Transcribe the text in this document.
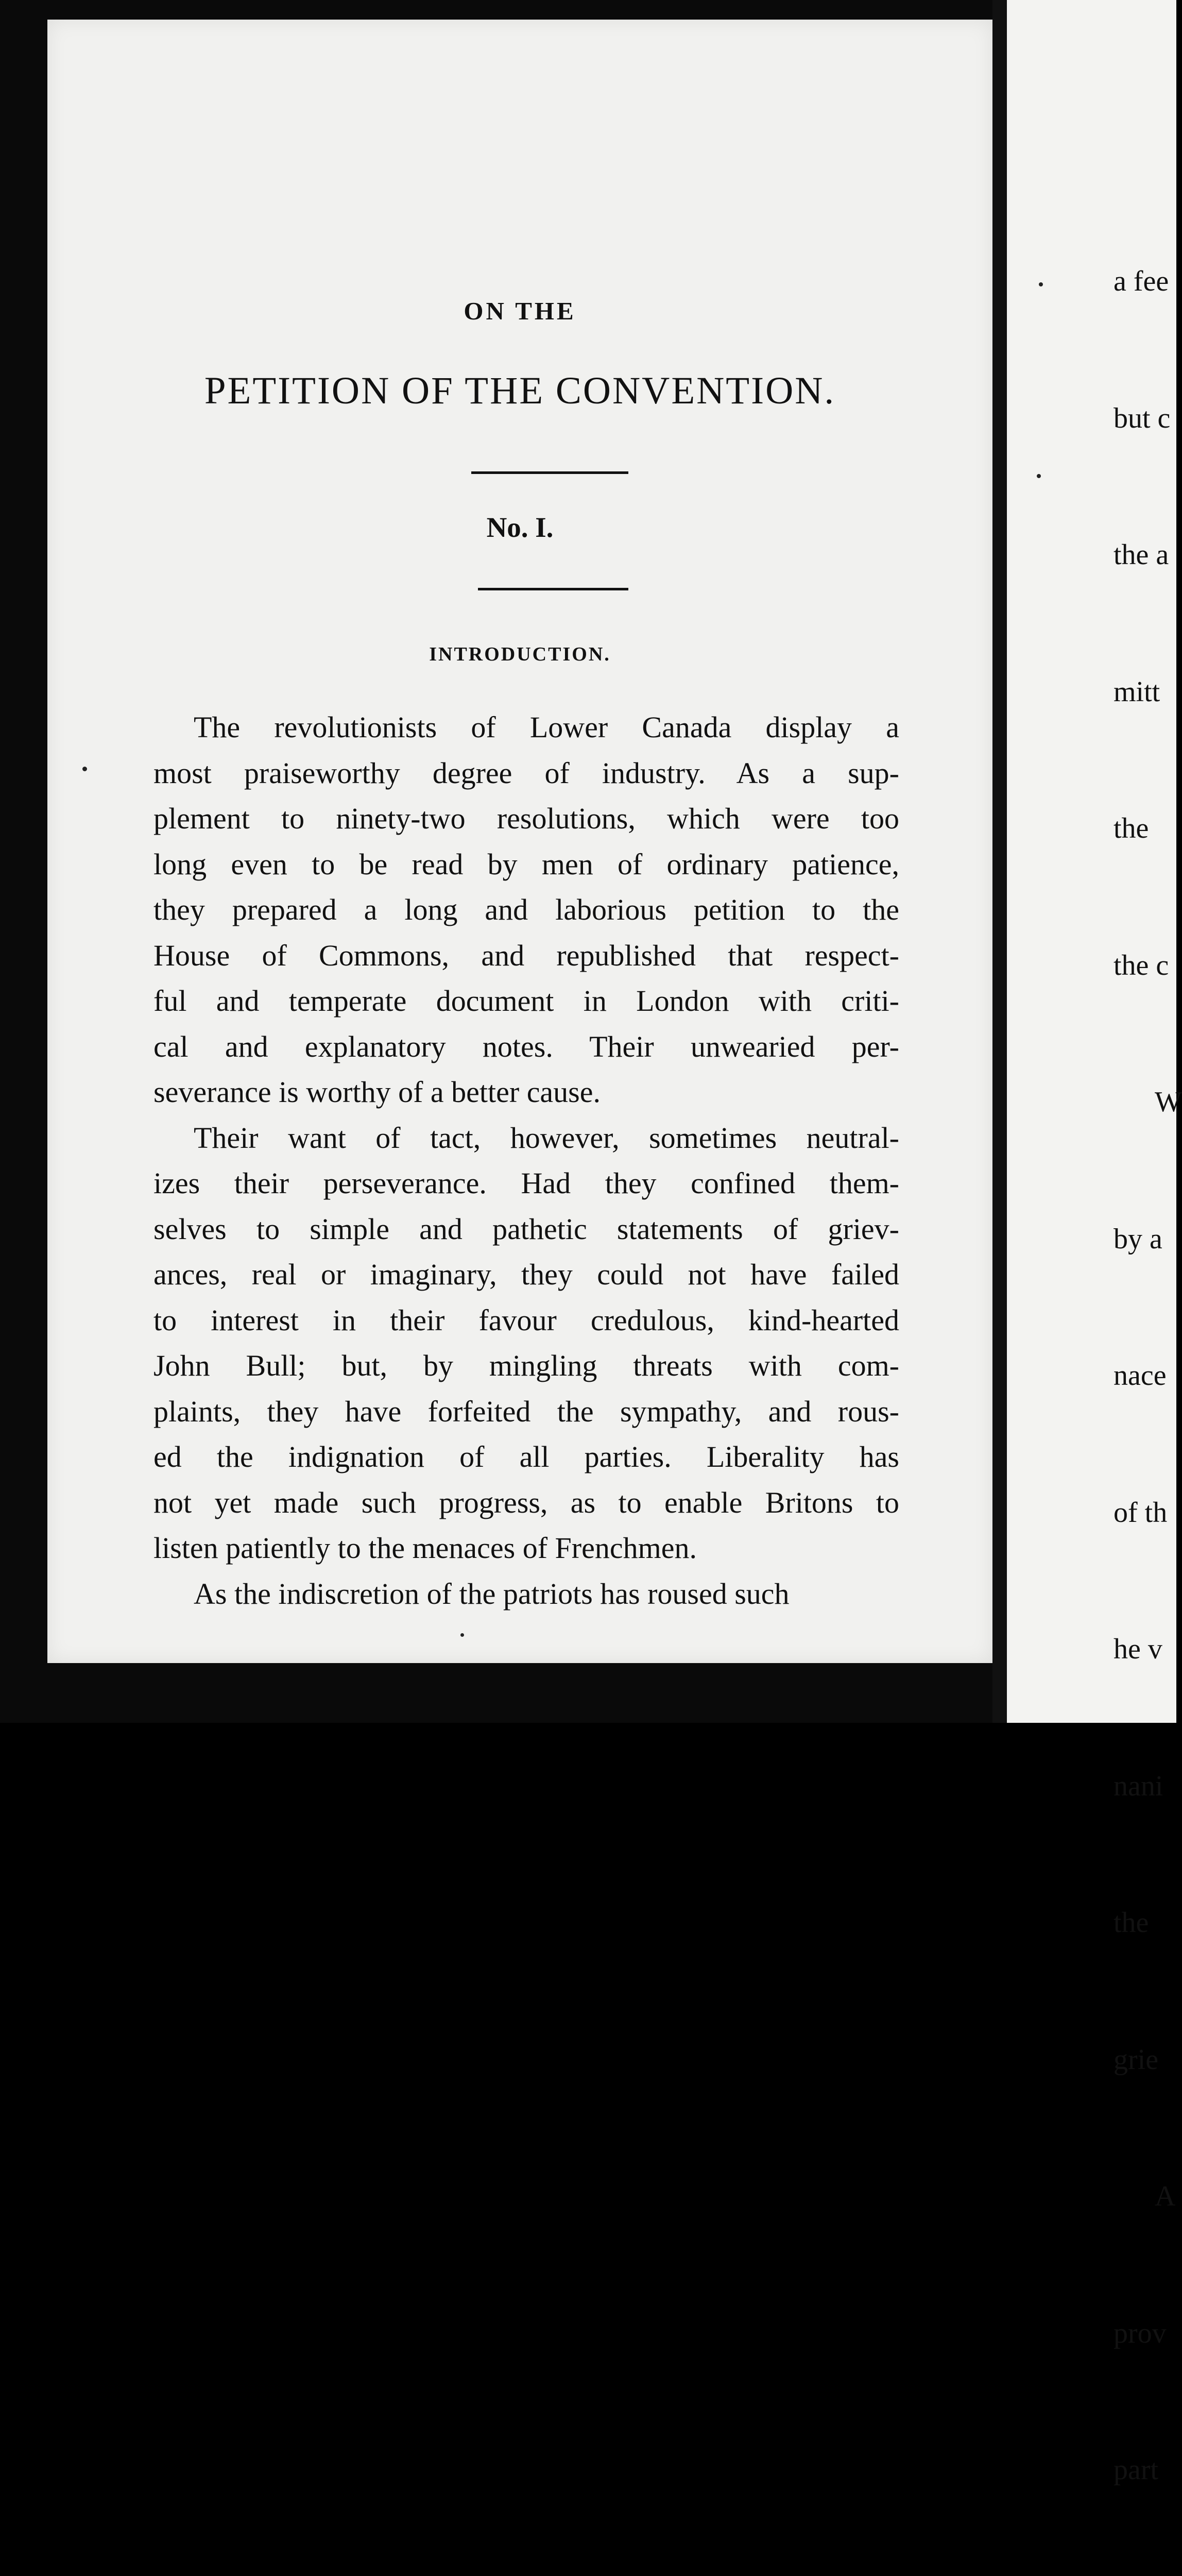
ON THE
PETITION OF THE CONVENTION.
No. I.
INTRODUCTION.
The revolutionists of Lower Canada display a
most praiseworthy degree of industry. As a sup-
plement to ninety-two resolutions, which were too
long even to be read by men of ordinary patience,
they prepared a long and laborious petition to the
House of Commons, and republished that respect-
ful and temperate document in London with criti-
cal and explanatory notes. Their unwearied per-
severance is worthy of a better cause.
Their want of tact, however, sometimes neutral-
izes their perseverance. Had they confined them-
selves to simple and pathetic statements of griev-
ances, real or imaginary, they could not have failed
to interest in their favour credulous, kind-hearted
John Bull; but, by mingling threats with com-
plaints, they have forfeited the sympathy, and rous-
ed the indignation of all parties. Liberality has
not yet made such progress, as to enable Britons to
listen patiently to the menaces of Frenchmen.
As the indiscretion of the patriots has roused such

a fee

but c

the a

mitt

the

the c

W

by a

nace

of th

he v

nani

the

grie

A

prov

part
